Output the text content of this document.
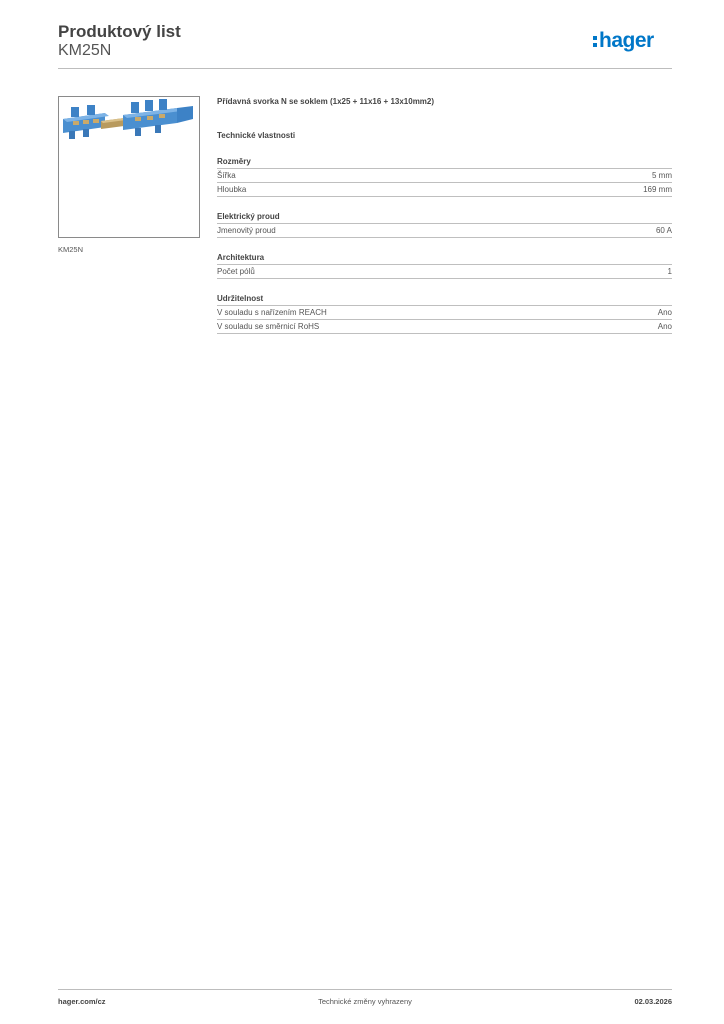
Produktový list
KM25N	hager
KM25N
Přídavná svorka N se soklem (1x25 + 11x16 + 13x10mm2)
Technické vlastnosti
Rozměry
Šířka	5 mm
Hloubka	169 mm
Elektrický proud
Jmenovitý proud	60 A
Architektura
Počet pólů	1
Udržitelnost
V souladu s nařízením REACH	Ano
V souladu se směrnicí RoHS	Ano
hager.com/cz	Technické změny vyhrazeny	02.03.2026
